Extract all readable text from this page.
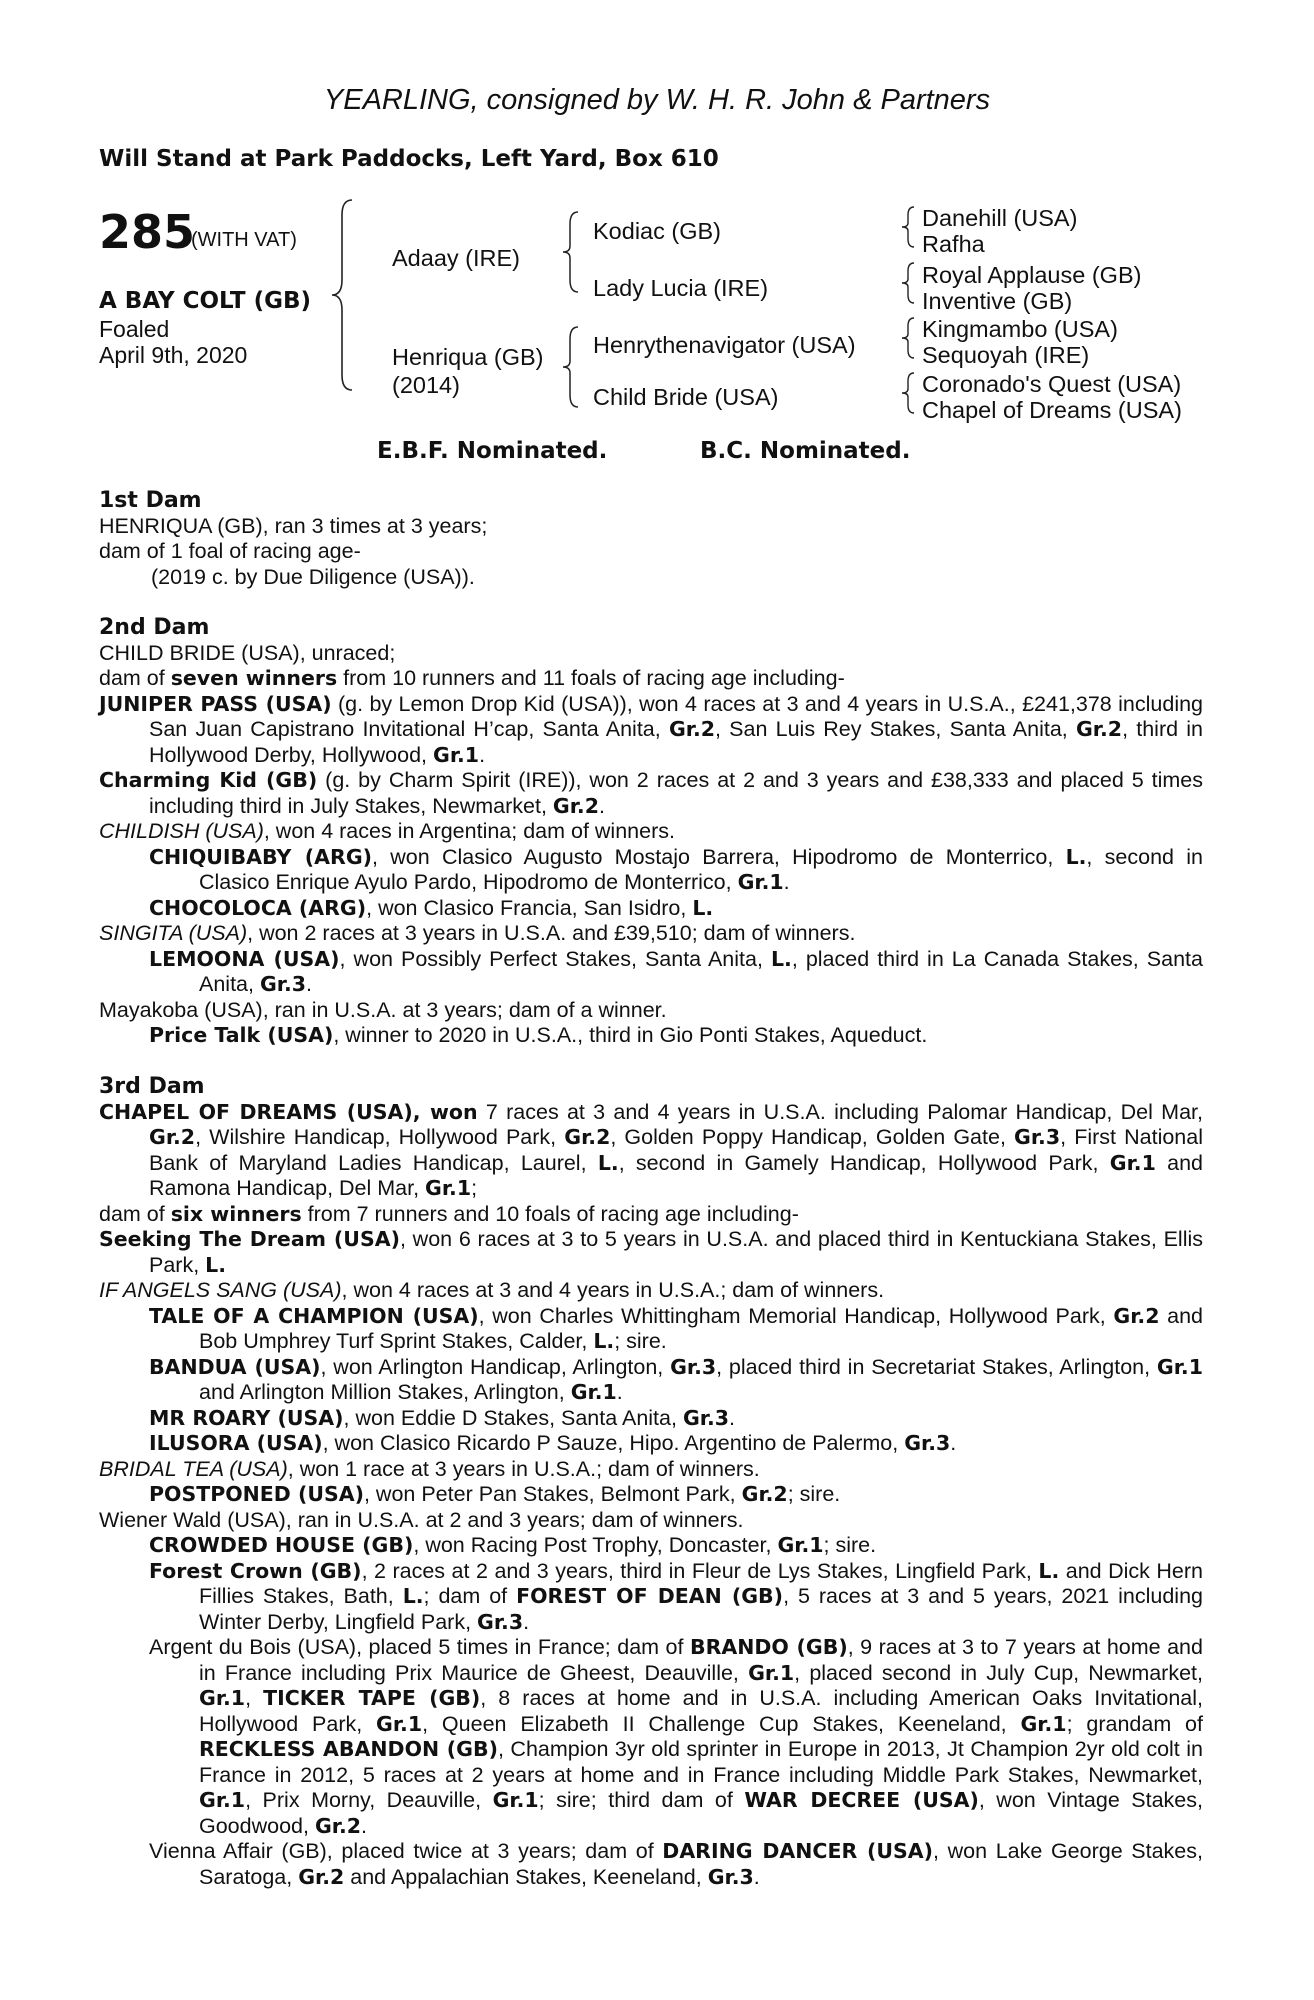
YEARLING, consigned by W. H. R. John & Partners
Will Stand at Park Paddocks, Left Yard, Box 610
285
(WITH VAT)
A BAY COLT (GB)
Foaled
April 9th, 2020
Adaay (IRE)
Henriqua (GB)
(2014)
Kodiac (GB)
Lady Lucia (IRE)
Henrythenavigator (USA)
Child Bride (USA)
Danehill (USA)
Rafha
Royal Applause (GB)
Inventive (GB)
Kingmambo (USA)
Sequoyah (IRE)
Coronado's Quest (USA)
Chapel of Dreams (USA)
E.B.F. Nominated.	B.C. Nominated.
1st Dam

HENRIQUA (GB), ran 3 times at 3 years;

dam of 1 foal of racing age-

(2019 c. by Due Diligence (USA)).

2nd Dam

CHILD BRIDE (USA), unraced;

dam of seven winners from 10 runners and 11 foals of racing age including-

JUNIPER PASS (USA) (g. by Lemon Drop Kid (USA)), won 4 races at 3 and 4 years in U.S.A., £241,378 including San Juan Capistrano Invitational H’cap, Santa Anita, Gr.2, San Luis Rey Stakes, Santa Anita, Gr.2, third in Hollywood Derby, Hollywood, Gr.1.

Charming Kid (GB) (g. by Charm Spirit (IRE)), won 2 races at 2 and 3 years and £38,333 and placed 5 times including third in July Stakes, Newmarket, Gr.2.

CHILDISH (USA), won 4 races in Argentina; dam of winners.

CHIQUIBABY (ARG), won Clasico Augusto Mostajo Barrera, Hipodromo de Monterrico, L., second in Clasico Enrique Ayulo Pardo, Hipodromo de Monterrico, Gr.1.

CHOCOLOCA (ARG), won Clasico Francia, San Isidro, L.

SINGITA (USA), won 2 races at 3 years in U.S.A. and £39,510; dam of winners.

LEMOONA (USA), won Possibly Perfect Stakes, Santa Anita, L., placed third in La Canada Stakes, Santa Anita, Gr.3.

Mayakoba (USA), ran in U.S.A. at 3 years; dam of a winner.

Price Talk (USA), winner to 2020 in U.S.A., third in Gio Ponti Stakes, Aqueduct.

3rd Dam

CHAPEL OF DREAMS (USA), won 7 races at 3 and 4 years in U.S.A. including Palomar Handicap, Del Mar, Gr.2, Wilshire Handicap, Hollywood Park, Gr.2, Golden Poppy Handicap, Golden Gate, Gr.3, First National Bank of Maryland Ladies Handicap, Laurel, L., second in Gamely Handicap, Hollywood Park, Gr.1 and Ramona Handicap, Del Mar, Gr.1;

dam of six winners from 7 runners and 10 foals of racing age including-

Seeking The Dream (USA), won 6 races at 3 to 5 years in U.S.A. and placed third in Kentuckiana Stakes, Ellis Park, L.

IF ANGELS SANG (USA), won 4 races at 3 and 4 years in U.S.A.; dam of winners.

TALE OF A CHAMPION (USA), won Charles Whittingham Memorial Handicap, Hollywood Park, Gr.2 and Bob Umphrey Turf Sprint Stakes, Calder, L.; sire.

BANDUA (USA), won Arlington Handicap, Arlington, Gr.3, placed third in Secretariat Stakes, Arlington, Gr.1 and Arlington Million Stakes, Arlington, Gr.1.

MR ROARY (USA), won Eddie D Stakes, Santa Anita, Gr.3.

ILUSORA (USA), won Clasico Ricardo P Sauze, Hipo. Argentino de Palermo, Gr.3.

BRIDAL TEA (USA), won 1 race at 3 years in U.S.A.; dam of winners.

POSTPONED (USA), won Peter Pan Stakes, Belmont Park, Gr.2; sire.

Wiener Wald (USA), ran in U.S.A. at 2 and 3 years; dam of winners.

CROWDED HOUSE (GB), won Racing Post Trophy, Doncaster, Gr.1; sire.

Forest Crown (GB), 2 races at 2 and 3 years, third in Fleur de Lys Stakes, Lingfield Park, L. and Dick Hern Fillies Stakes, Bath, L.; dam of FOREST OF DEAN (GB), 5 races at 3 and 5 years, 2021 including Winter Derby, Lingfield Park, Gr.3.

Argent du Bois (USA), placed 5 times in France; dam of BRANDO (GB), 9 races at 3 to 7 years at home and in France including Prix Maurice de Gheest, Deauville, Gr.1, placed second in July Cup, Newmarket, Gr.1, TICKER TAPE (GB), 8 races at home and in U.S.A. including American Oaks Invitational, Hollywood Park, Gr.1, Queen Elizabeth II Challenge Cup Stakes, Keeneland, Gr.1; grandam of RECKLESS ABANDON (GB), Champion 3yr old sprinter in Europe in 2013, Jt Champion 2yr old colt in France in 2012, 5 races at 2 years at home and in France including Middle Park Stakes, Newmarket, Gr.1, Prix Morny, Deauville, Gr.1; sire; third dam of WAR DECREE (USA), won Vintage Stakes, Goodwood, Gr.2.

Vienna Affair (GB), placed twice at 3 years; dam of DARING DANCER (USA), won Lake George Stakes, Saratoga, Gr.2 and Appalachian Stakes, Keeneland, Gr.3.
